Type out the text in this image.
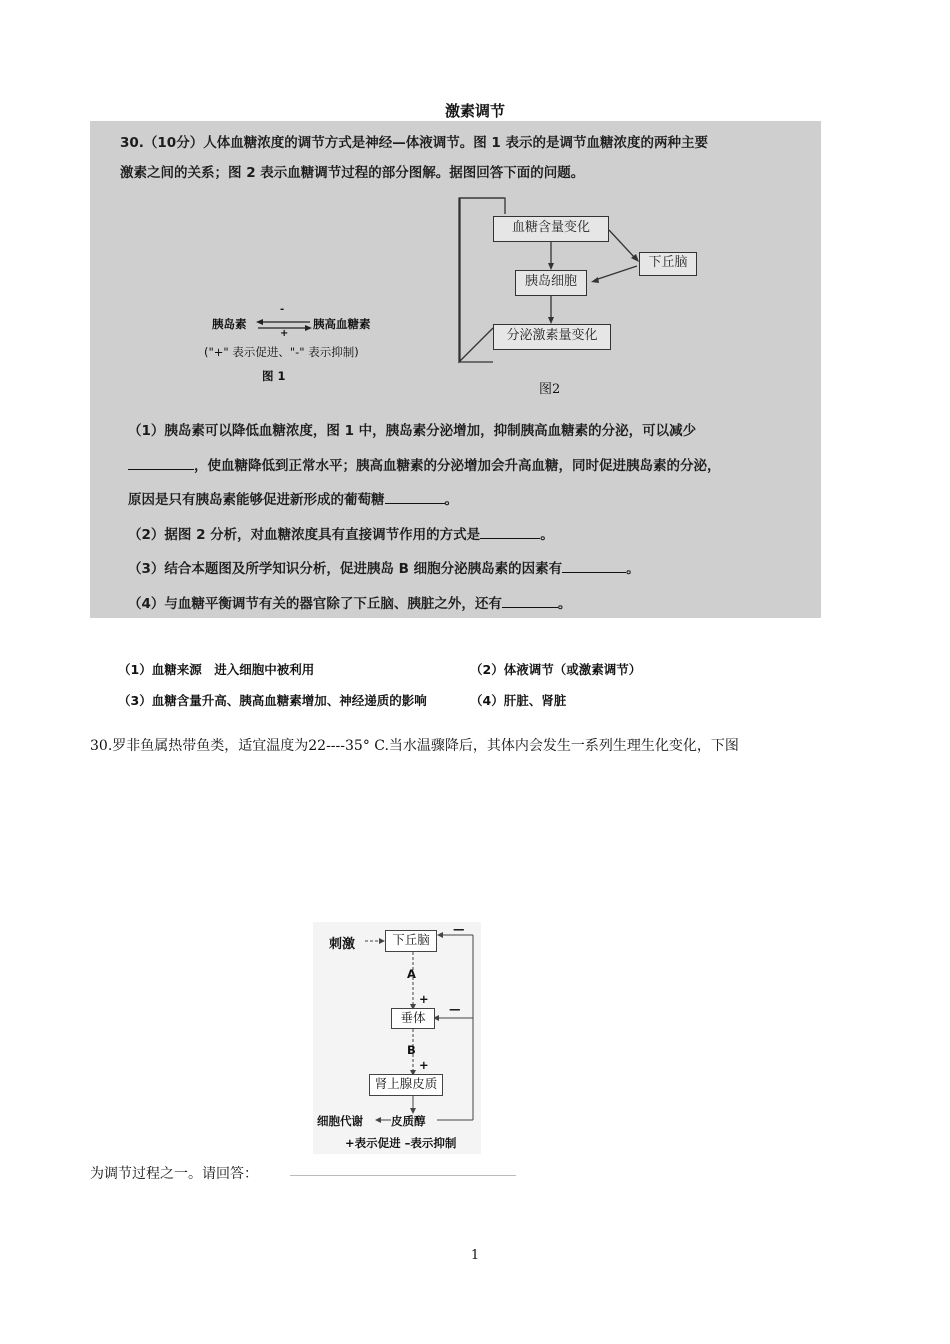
激素调节
30.（10分）人体血糖浓度的调节方式是神经—体液调节。图 1 表示的是调节血糖浓度的两种主要
激素之间的关系；图 2 表示血糖调节过程的部分图解。据图回答下面的问题。
胰岛素	胰高血糖素
-
+
("+" 表示促进、"-" 表示抑制)
图 1
血糖含量变化
胰岛细胞
分泌激素量变化
下丘脑
图2
（1）胰岛素可以降低血糖浓度，图 1 中，胰岛素分泌增加，抑制胰高血糖素的分泌，可以减少
，使血糖降低到正常水平；胰高血糖素的分泌增加会升高血糖，同时促进胰岛素的分泌，
原因是只有胰岛素能够促进新形成的葡萄糖	。
（2）据图 2 分析，对血糖浓度具有直接调节作用的方式是	。
（3）结合本题图及所学知识分析，促进胰岛 B 细胞分泌胰岛素的因素有	。
（4）与血糖平衡调节有关的器官除了下丘脑、胰脏之外，还有	。
（1）血糖来源　进入细胞中被利用	（2）体液调节（或激素调节）
（3）血糖含量升高、胰高血糖素增加、神经递质的影响	（4）肝脏、肾脏
30.罗非鱼属热带鱼类，适宜温度为22----35° C.当水温骤降后，其体内会发生一系列生理生化变化，下图
刺激	下丘脑
A
+
垂体
B
+
肾上腺皮质
皮质醇
细胞代谢
—
—
+表示促进 –表示抑制
为调节过程之一。请回答：
1
